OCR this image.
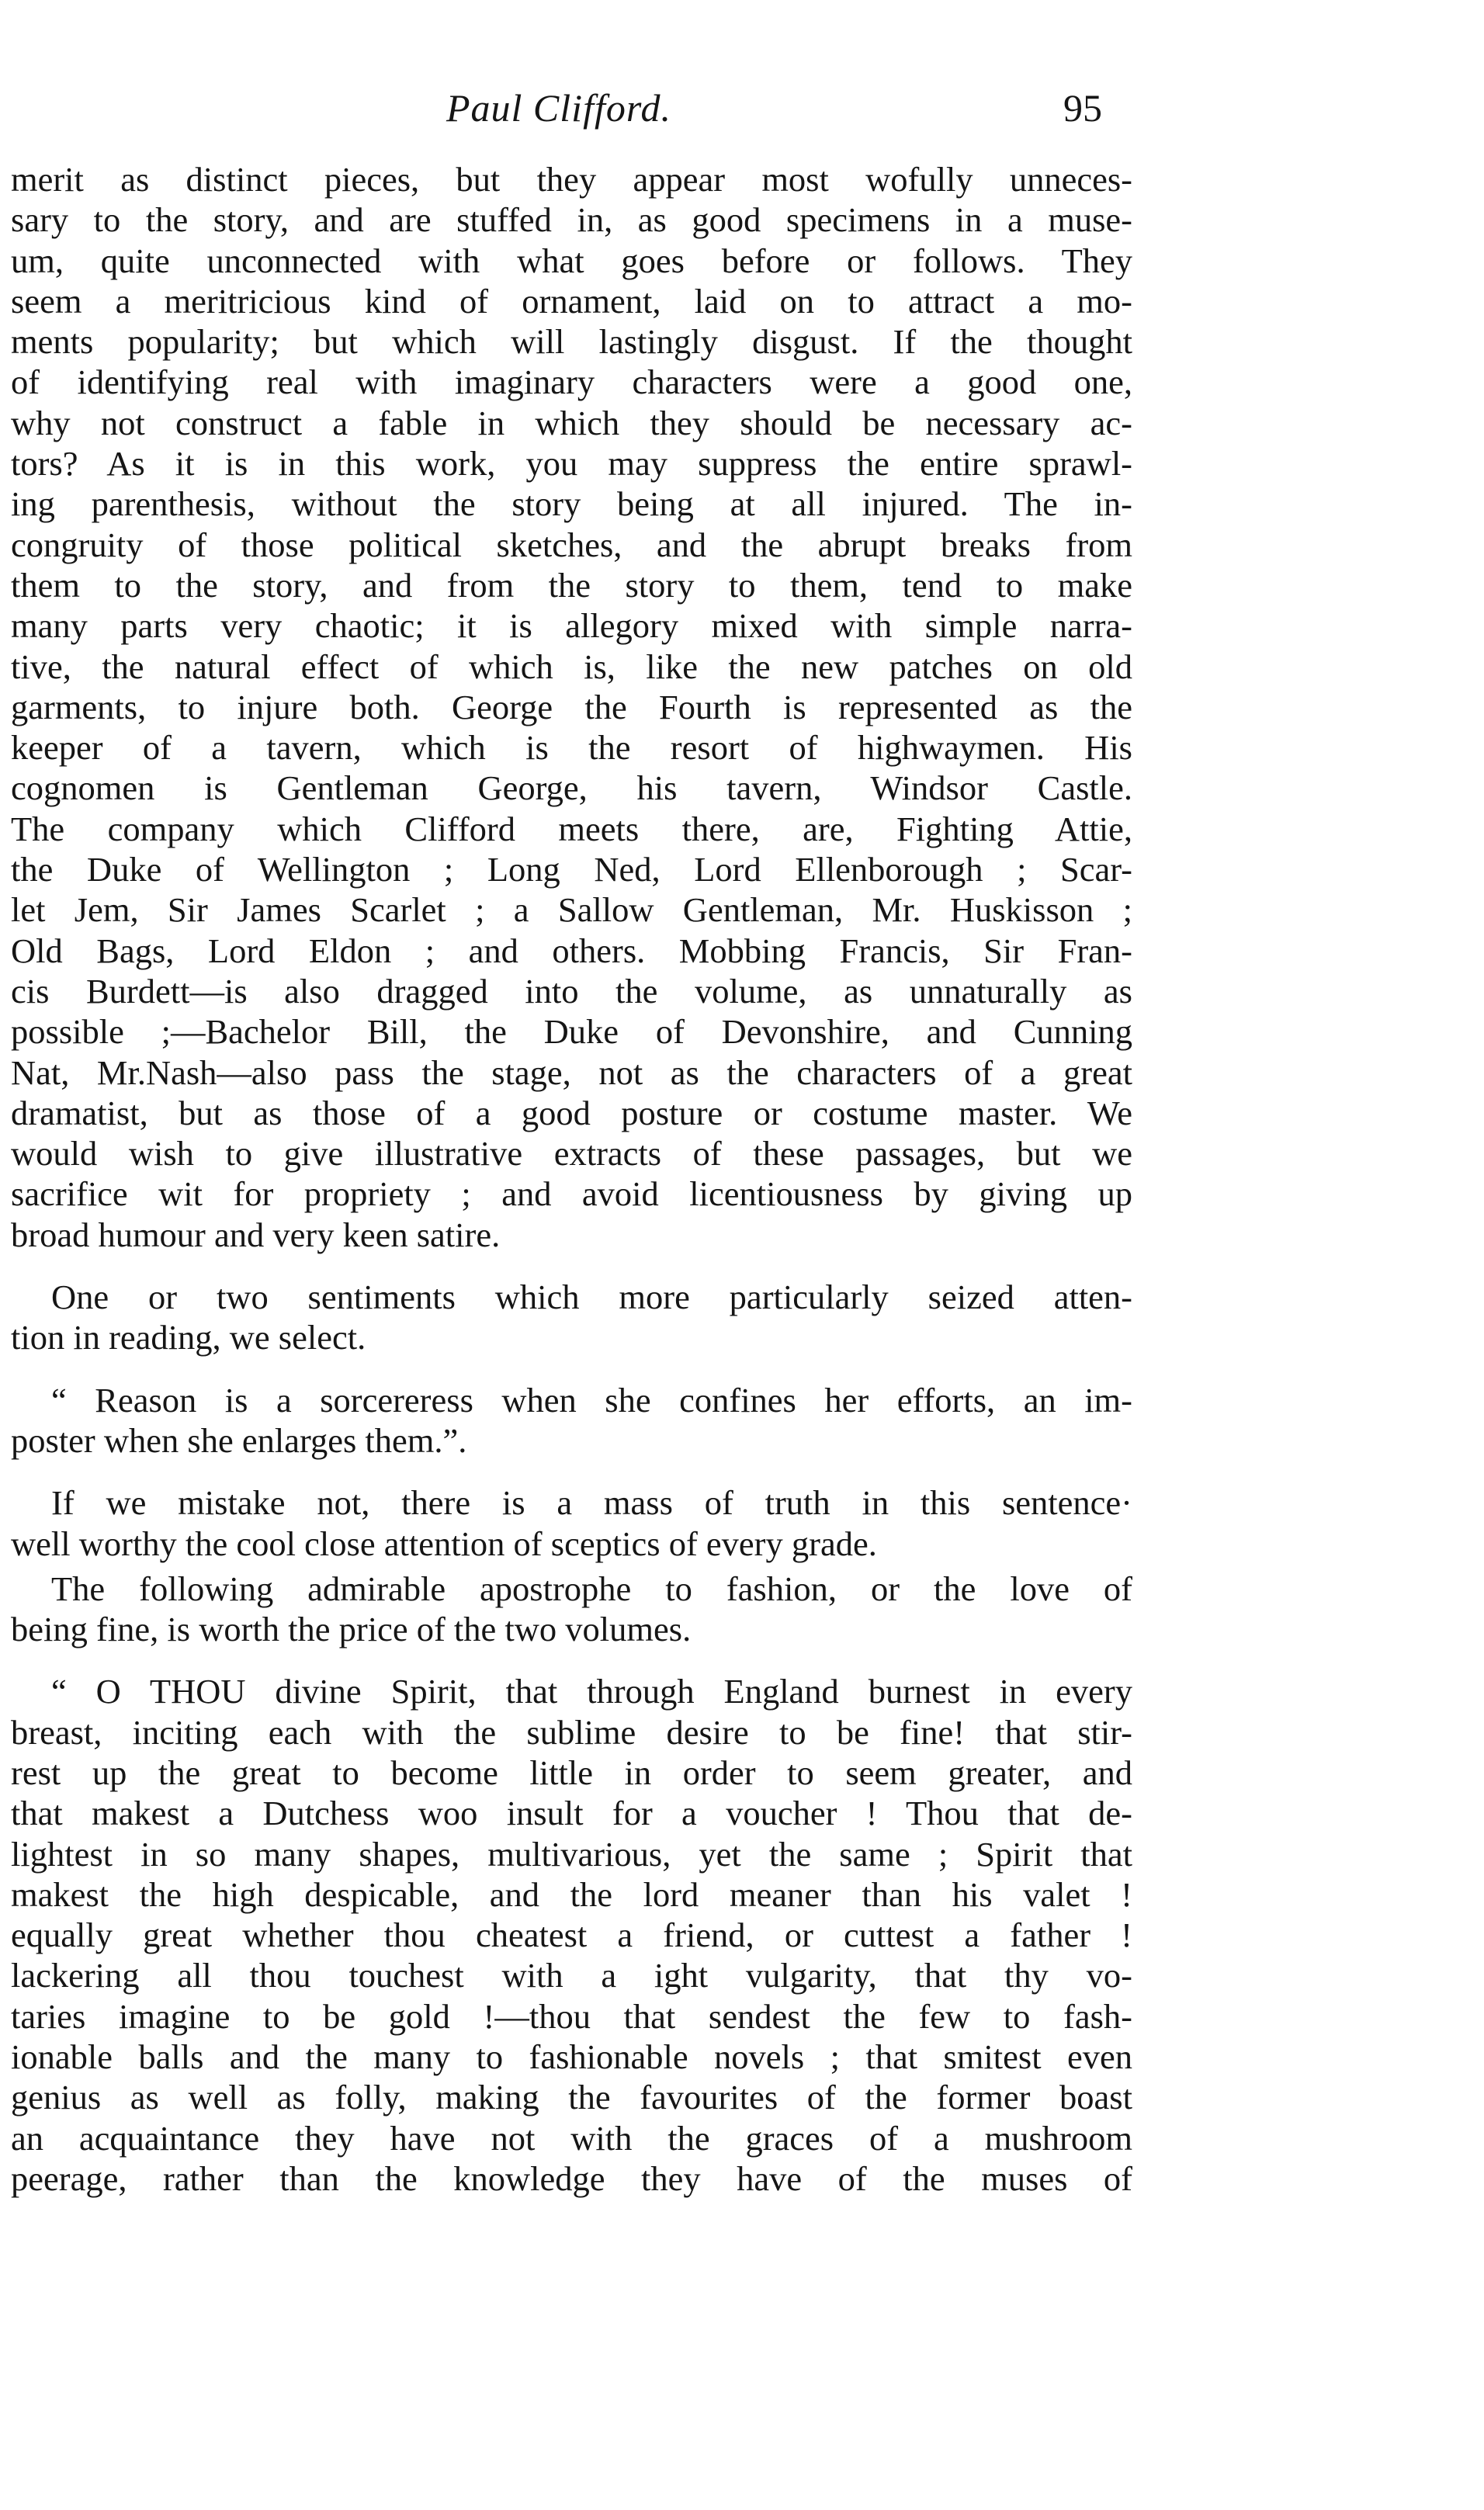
Paul Clifford.	95
merit as distinct pieces, but they appear most wofully unneces-
sary to the story, and are stuffed in, as good specimens in a muse-
um, quite unconnected with what goes before or follows. They
seem a meritricious kind of ornament, laid on to attract a mo-
ments popularity; but which will lastingly disgust. If the thought
of identifying real with imaginary characters were a good one,
why not construct a fable in which they should be necessary ac-
tors? As it is in this work, you may suppress the entire sprawl-
ing parenthesis, without the story being at all injured. The in-
congruity of those political sketches, and the abrupt breaks from
them to the story, and from the story to them, tend to make
many parts very chaotic; it is allegory mixed with simple narra-
tive, the natural effect of which is, like the new patches on old
garments, to injure both. George the Fourth is represented as the
keeper of a tavern, which is the resort of highwaymen. His
cognomen is Gentleman George, his tavern, Windsor Castle.
The company which Clifford meets there, are, Fighting Attie,
the Duke of Wellington ; Long Ned, Lord Ellenborough ; Scar-
let Jem, Sir James Scarlet ; a Sallow Gentleman, Mr. Huskisson ;
Old Bags, Lord Eldon ; and others. Mobbing Francis, Sir Fran-
cis Burdett—is also dragged into the volume, as unnaturally as
possible ;—Bachelor Bill, the Duke of Devonshire, and Cunning
Nat, Mr.Nash—also pass the stage, not as the characters of a great
dramatist, but as those of a good posture or costume master. We
would wish to give illustrative extracts of these passages, but we
sacrifice wit for propriety ; and avoid licentiousness by giving up
broad humour and very keen satire.
One or two sentiments which more particularly seized atten-
tion in reading, we select.
“ Reason is a sorcereress when she confines her efforts, an im-
poster when she enlarges them.”.
If we mistake not, there is a mass of truth in this sentence·
well worthy the cool close attention of sceptics of every grade.
The following admirable apostrophe to fashion, or the love of
being fine, is worth the price of the two volumes.
“ O THOU divine Spirit, that through England burnest in every
breast, inciting each with the sublime desire to be fine! that stir-
rest up the great to become little in order to seem greater, and
that makest a Dutchess woo insult for a voucher ! Thou that de-
lightest in so many shapes, multivarious, yet the same ; Spirit that
makest the high despicable, and the lord meaner than his valet !
equally great whether thou cheatest a friend, or cuttest a father !
lackering all thou touchest with a ight vulgarity, that thy vo-
taries imagine to be gold !—thou that sendest the few to fash-
ionable balls and the many to fashionable novels ; that smitest even
genius as well as folly, making the favourites of the former boast
an acquaintance they have not with the graces of a mushroom
peerage, rather than the knowledge they have of the muses of
